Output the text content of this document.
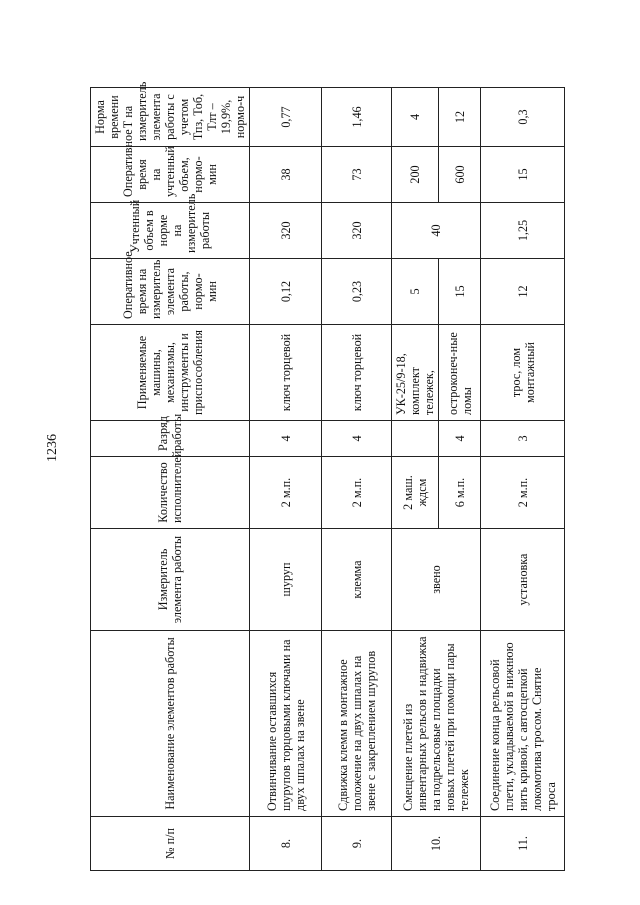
1236
№ п/п	Наименование элементов работы	Измеритель элемента работы	Количество исполнителей	Разряд работы	Применяемые машины, механизмы, инструменты и приспособления	Оперативное время на измеритель элемента работы, нормо-мин	Учтенный объем в норме на измеритель работы	Оперативное время на учтенный объем, нормо-мин	Норма времени Т на измеритель элемента работы с учетом Тпз, Тоб, Тлт – 19,9%, нормо-ч
8.	Отвинчивание оставшихся шурупов торцовыми ключами на двух шпалах на звене	шуруп	2 м.п.	4	ключ торцевой	0,12	320	38	0,77
9.	Сдвижка клемм в монтажное положение на двух шпалах на звене с закреплением шурупов	клемма	2 м.п.	4	ключ торцевой	0,23	320	73	1,46
10.	Смещение плетей из инвентарных рельсов и надвижка на подрельсовые площадки новых плетей при помощи пары тележек	звено	2 маш. ждсм		УК-25/9-18, комплект тележек,	5	40	200	4
			6 м.п.	4	остроконеч-ные ломы	15		600	12
11.	Соединение конца рельсовой плети, укладываемой в нижнюю нить кривой, с автосцепкой локомотива тросом. Снятие троса	установка	2 м.п.	3	трос, лом монтажный	12	1,25	15	0,3
